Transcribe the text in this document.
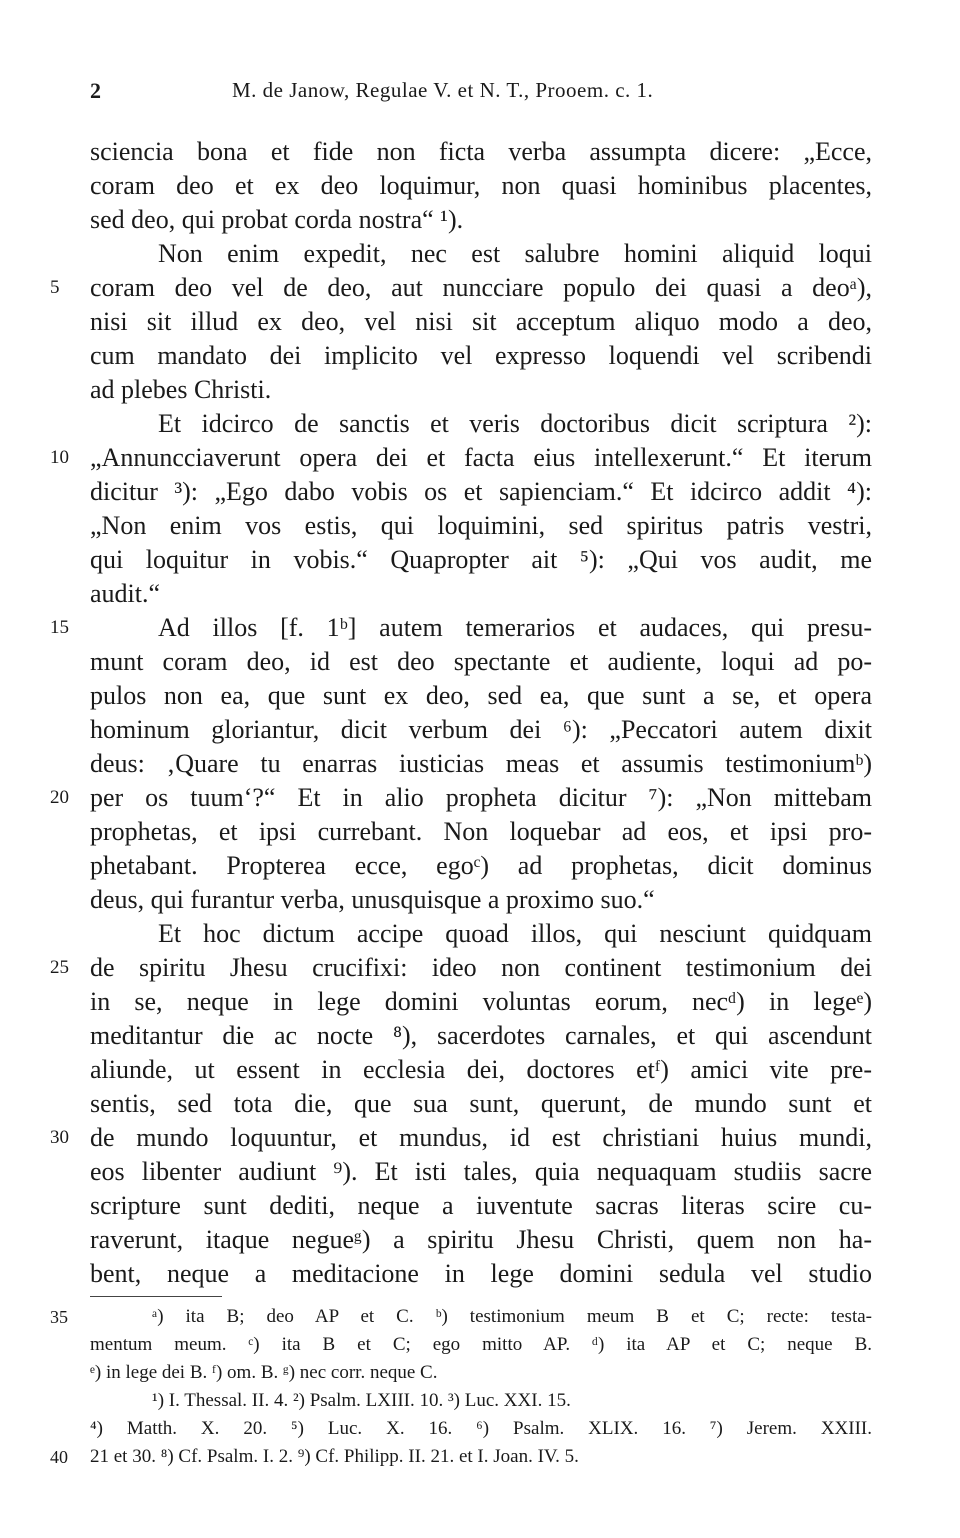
2	M. de Janow, Regulae V. et N. T., Prooem. c. 1.

sciencia bona et fide non ficta verba assumpta dicere: „Ecce,

coram deo et ex deo loquimur, non quasi hominibus placentes,

sed deo, qui probat corda nostra“ ¹).

Non enim expedit, nec est salubre homini aliquid loqui

coram deo vel de deo, aut nuncciare populo dei quasi a deoᵃ),

nisi sit illud ex deo, vel nisi sit acceptum aliquo modo a deo,

cum mandato dei implicito vel expresso loquendi vel scribendi

ad plebes Christi.

Et idcirco de sanctis et veris doctoribus dicit scriptura ²):

„Annuncciaverunt opera dei et facta eius intellexerunt.“ Et iterum

dicitur ³): „Ego dabo vobis os et sapienciam.“ Et idcirco addit ⁴):

„Non enim vos estis, qui loquimini, sed spiritus patris vestri,

qui loquitur in vobis.“ Quapropter ait ⁵): „Qui vos audit, me

audit.“

Ad illos [f. 1ᵇ] autem temerarios et audaces, qui presu-

munt coram deo, id est deo spectante et audiente, loqui ad po-

pulos non ea, que sunt ex deo, sed ea, que sunt a se, et opera

hominum gloriantur, dicit verbum dei ⁶): „Peccatori autem dixit

deus: ‚Quare tu enarras iusticias meas et assumis testimoniumᵇ)

per os tuum‘?“ Et in alio propheta dicitur ⁷): „Non mittebam

prophetas, et ipsi currebant. Non loquebar ad eos, et ipsi pro-

phetabant. Propterea ecce, egoᶜ) ad prophetas, dicit dominus

deus, qui furantur verba, unusquisque a proximo suo.“

Et hoc dictum accipe quoad illos, qui nesciunt quidquam

de spiritu Jhesu crucifixi: ideo non continent testimonium dei

in se, neque in lege domini voluntas eorum, necᵈ) in legeᵉ)

meditantur die ac nocte ⁸), sacerdotes carnales, et qui ascendunt

aliunde, ut essent in ecclesia dei, doctores etᶠ) amici vite pre-

sentis, sed tota die, que sua sunt, querunt, de mundo sunt et

de mundo loquuntur, et mundus, id est christiani huius mundi,

eos libenter audiunt ⁹). Et isti tales, quia nequaquam studiis sacre

scripture sunt dediti, neque a iuventute sacras literas scire cu-

raverunt, itaque negueᵍ) a spiritu Jhesu Christi, quem non ha-

bent, neque a meditacione in lege domini sedula vel studio

5
10
15
20
25
30
35
40

ᵃ) ita B; deo AP et C. ᵇ) testimonium meum B et C; recte: testa-

mentum meum. ᶜ) ita B et C; ego mitto AP. ᵈ) ita AP et C; neque B.

ᵉ) in lege dei B. ᶠ) om. B. ᵍ) nec corr. neque C.

¹) I. Thessal. II. 4. ²) Psalm. LXIII. 10. ³) Luc. XXI. 15.

⁴) Matth. X. 20. ⁵) Luc. X. 16. ⁶) Psalm. XLIX. 16. ⁷) Jerem. XXIII.

21 et 30. ⁸) Cf. Psalm. I. 2. ⁹) Cf. Philipp. II. 21. et I. Joan. IV. 5.
